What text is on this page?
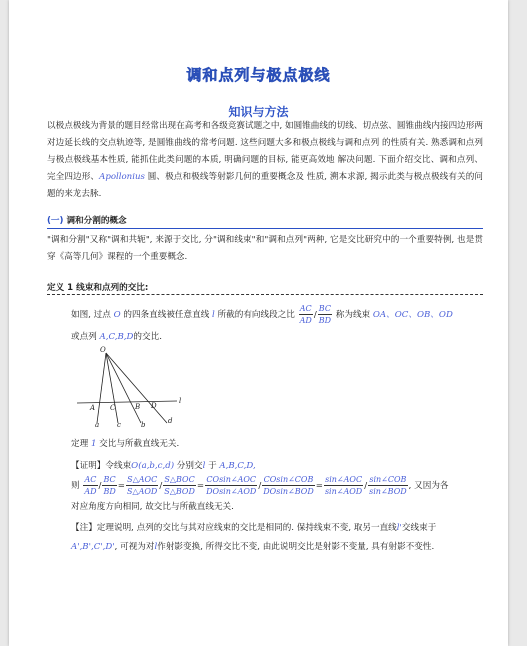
调和点列与极点极线
知识与方法
以极点极线为背景的题目经常出现在高考和各级竞赛试题之中, 如圆锥曲线的切线、切点弦、圆锥曲线内接四边形两对边延长线的交点轨迹等, 是圆锥曲线的常考问题. 这些问题大多和极点极线与调和点列 的性质有关. 熟悉调和点列与极点极线基本性质, 能抓住此类问题的本质, 明确问题的目标, 能更高效地 解决问题. 下面介绍交比、调和点列、完全四边形、Apollonius 圆、极点和极线等射影几何的重要概念及 性质, 溯本求源, 揭示此类与极点极线有关的问题的来龙去脉.
(一) 调和分割的概念
"调和分割"又称"调和共轭", 来源于交比, 分"调和线束"和"调和点列"两种, 它是交比研究中的一个重要特例, 也是贯穿《高等几何》课程的一个重要概念.
定义 1 线束和点列的交比:
如图, 过点 O 的四条直线被任意直线 l 所截的有向线段之比 $\frac{AC}{AD} / \frac{BC}{BD}$ 称为线束 OA、OC、OB、OD
或点列 A,C,B,D的交比.
O
A C	B D
l
a	c	b	d
定理 1 交比与所截直线无关.
【证明】令线束O(a,b,c,d) 分别交l 于 A,B,C,D,
则 $\frac{AC}{AD} / \frac{BC}{BD} = \frac{\text{S△AOC}}{\text{S△AOD}} / \frac{\text{S△BOC}}{\text{S△BOD}} = \frac{\text{COsin∠AOC}}{\text{DOsin∠AOD}} / \frac{\text{COsin∠COB}}{\text{DOsin∠BOD}} = \frac{\text{sin∠AOC}}{\text{sin∠AOD}} / \frac{\text{sin∠COB}}{\text{sin∠BOD}}$ , 又因为各
对应角度方向相同, 故交比与所截直线无关.
【注】定理说明, 点列的交比与其对应线束的交比是相同的. 保持线束不变, 取另一直线l'交线束于
A',B',C',D', 可视为对l作射影变换, 所得交比不变, 由此说明交比是射影不变量, 具有射影不变性.
